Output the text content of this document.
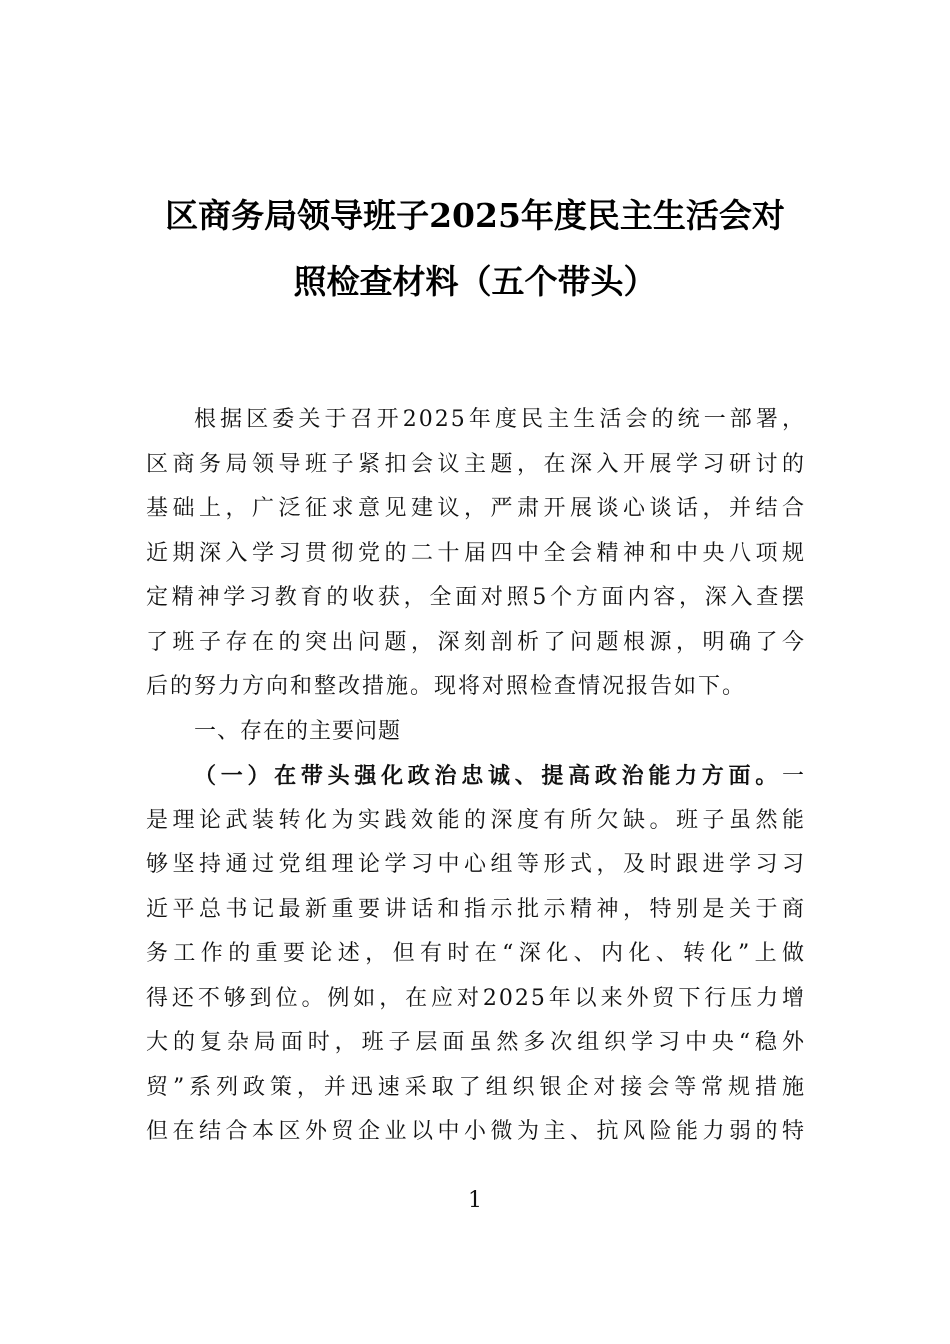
区商务局领导班子2025年度民主生活会对
照检查材料（五个带头）
根据区委关于召开2025年度民主生活会的统一部署，
区商务局领导班子紧扣会议主题，在深入开展学习研讨的
基础上，广泛征求意见建议，严肃开展谈心谈话，并结合
近期深入学习贯彻党的二十届四中全会精神和中央八项规
定精神学习教育的收获，全面对照5个方面内容，深入查摆
了班子存在的突出问题，深刻剖析了问题根源，明确了今
后的努力方向和整改措施。现将对照检查情况报告如下。
一、存在的主要问题
（一）在带头强化政治忠诚、提高政治能力方面。一
是理论武装转化为实践效能的深度有所欠缺。班子虽然能
够坚持通过党组理论学习中心组等形式，及时跟进学习习
近平总书记最新重要讲话和指示批示精神，特别是关于商
务工作的重要论述，但有时在“深化、内化、转化”上做
得还不够到位。例如，在应对2025年以来外贸下行压力增
大的复杂局面时，班子层面虽然多次组织学习中央“稳外
贸”系列政策，并迅速采取了组织银企对接会等常规措施
但在结合本区外贸企业以中小微为主、抗风险能力弱的特
1
